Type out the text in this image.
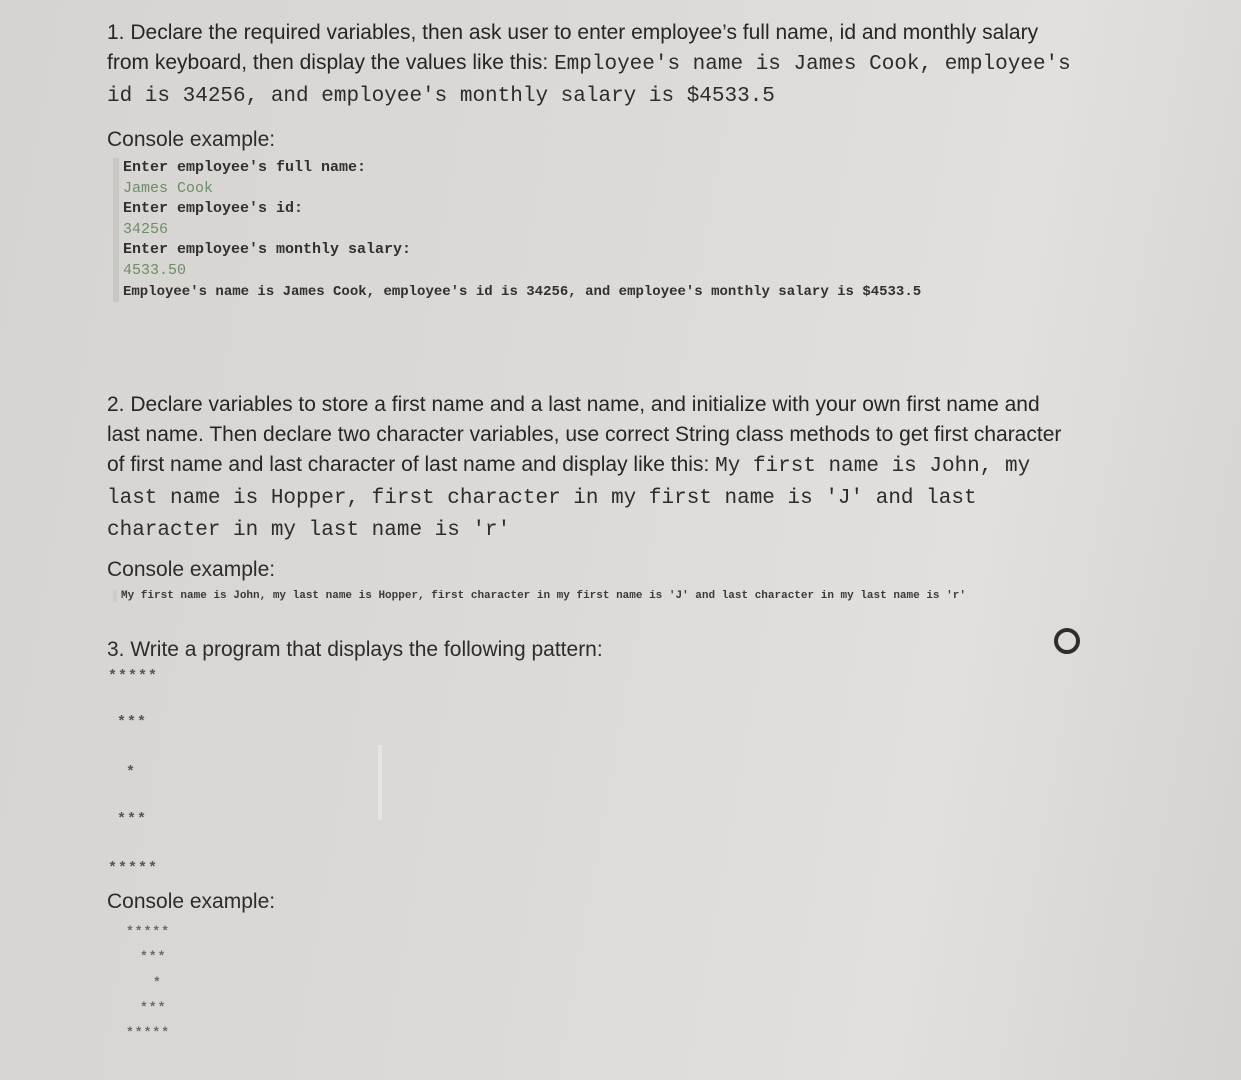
1. Declare the required variables, then ask user to enter employee’s full name, id and monthly salary from keyboard, then display the values like this: Employee's name is James Cook, employee's id is 34256, and employee's monthly salary is $4533.5
Console example:
Enter employee's full name:
James Cook
Enter employee's id:
34256
Enter employee's monthly salary:
4533.50
Employee's name is James Cook, employee's id is 34256, and employee's monthly salary is $4533.5
2. Declare variables to store a first name and a last name, and initialize with your own first name and last name. Then declare two character variables, use correct String class methods to get first character of first name and last character of last name and display like this: My first name is John, my last name is Hopper, first character in my first name is 'J' and last character in my last name is 'r'
Console example:
My first name is John, my last name is Hopper, first character in my first name is 'J' and last character in my last name is 'r'
3. Write a program that displays the following pattern:
*****
***
*
***
*****
Console example:
*****
***
*
***
*****
